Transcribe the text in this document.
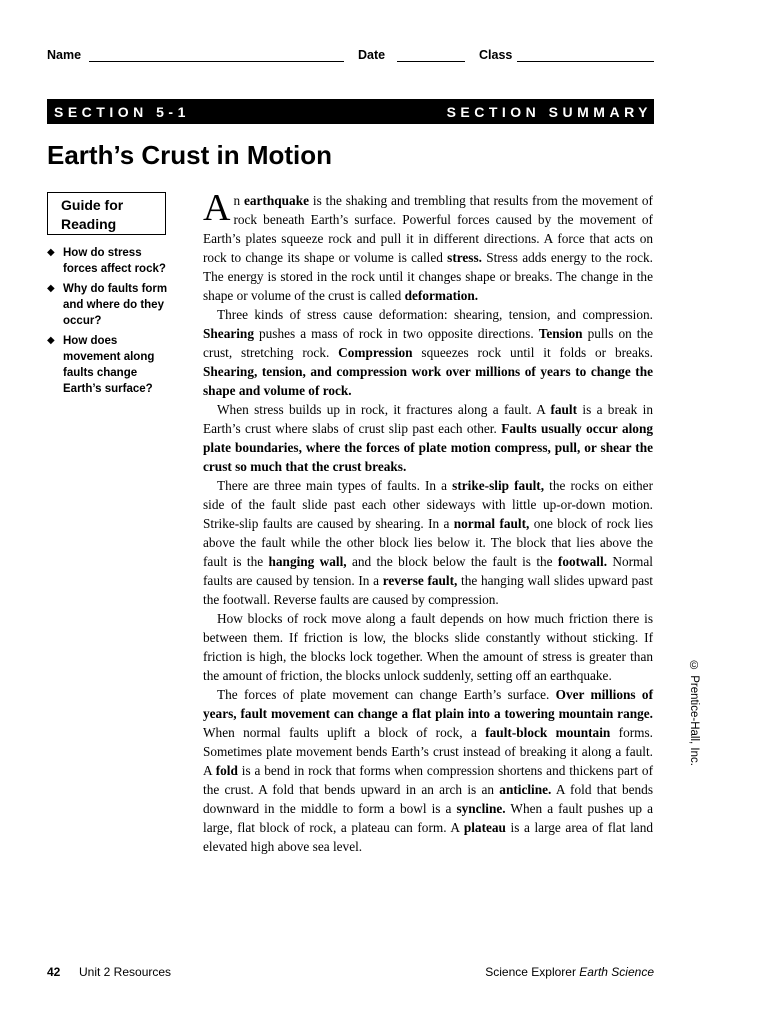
Name	Date	Class
SECTION 5-1	SECTION SUMMARY
Earth’s Crust in Motion
Guide for
Reading
◆ How do stress forces affect rock?
◆ Why do faults form and where do they occur?
◆ How does movement along faults change Earth’s surface?

An earthquake is the shaking and trembling that results from the movement of rock beneath Earth’s surface. Powerful forces caused by the movement of Earth’s plates squeeze rock and pull it in different directions. A force that acts on rock to change its shape or volume is called stress. Stress adds energy to the rock. The energy is stored in the rock until it changes shape or breaks. The change in the shape or volume of the crust is called deformation.

Three kinds of stress cause deformation: shearing, tension, and compression. Shearing pushes a mass of rock in two opposite directions. Tension pulls on the crust, stretching rock. Compression squeezes rock until it folds or breaks. Shearing, tension, and compression work over millions of years to change the shape and volume of rock.

When stress builds up in rock, it fractures along a fault. A fault is a break in Earth’s crust where slabs of crust slip past each other. Faults usually occur along plate boundaries, where the forces of plate motion compress, pull, or shear the crust so much that the crust breaks.

There are three main types of faults. In a strike-slip fault, the rocks on either side of the fault slide past each other sideways with little up-or-down motion. Strike-slip faults are caused by shearing. In a normal fault, one block of rock lies above the fault while the other block lies below it. The block that lies above the fault is the hanging wall, and the block below the fault is the footwall. Normal faults are caused by tension. In a reverse fault, the hanging wall slides upward past the footwall. Reverse faults are caused by compression.

How blocks of rock move along a fault depends on how much friction there is between them. If friction is low, the blocks slide constantly without sticking. If friction is high, the blocks lock together. When the amount of stress is greater than the amount of friction, the blocks unlock suddenly, setting off an earthquake.

The forces of plate movement can change Earth’s surface. Over millions of years, fault movement can change a flat plain into a towering mountain range. When normal faults uplift a block of rock, a fault-block mountain forms. Sometimes plate movement bends Earth’s crust instead of breaking it along a fault. A fold is a bend in rock that forms when compression shortens and thickens part of the crust. A fold that bends upward in an arch is an anticline. A fold that bends downward in the middle to form a bowl is a syncline. When a fault pushes up a large, flat block of rock, a plateau can form. A plateau is a large area of flat land elevated high above sea level.

© Prentice-Hall, Inc.
42 Unit 2 Resources	Science Explorer Earth Science
